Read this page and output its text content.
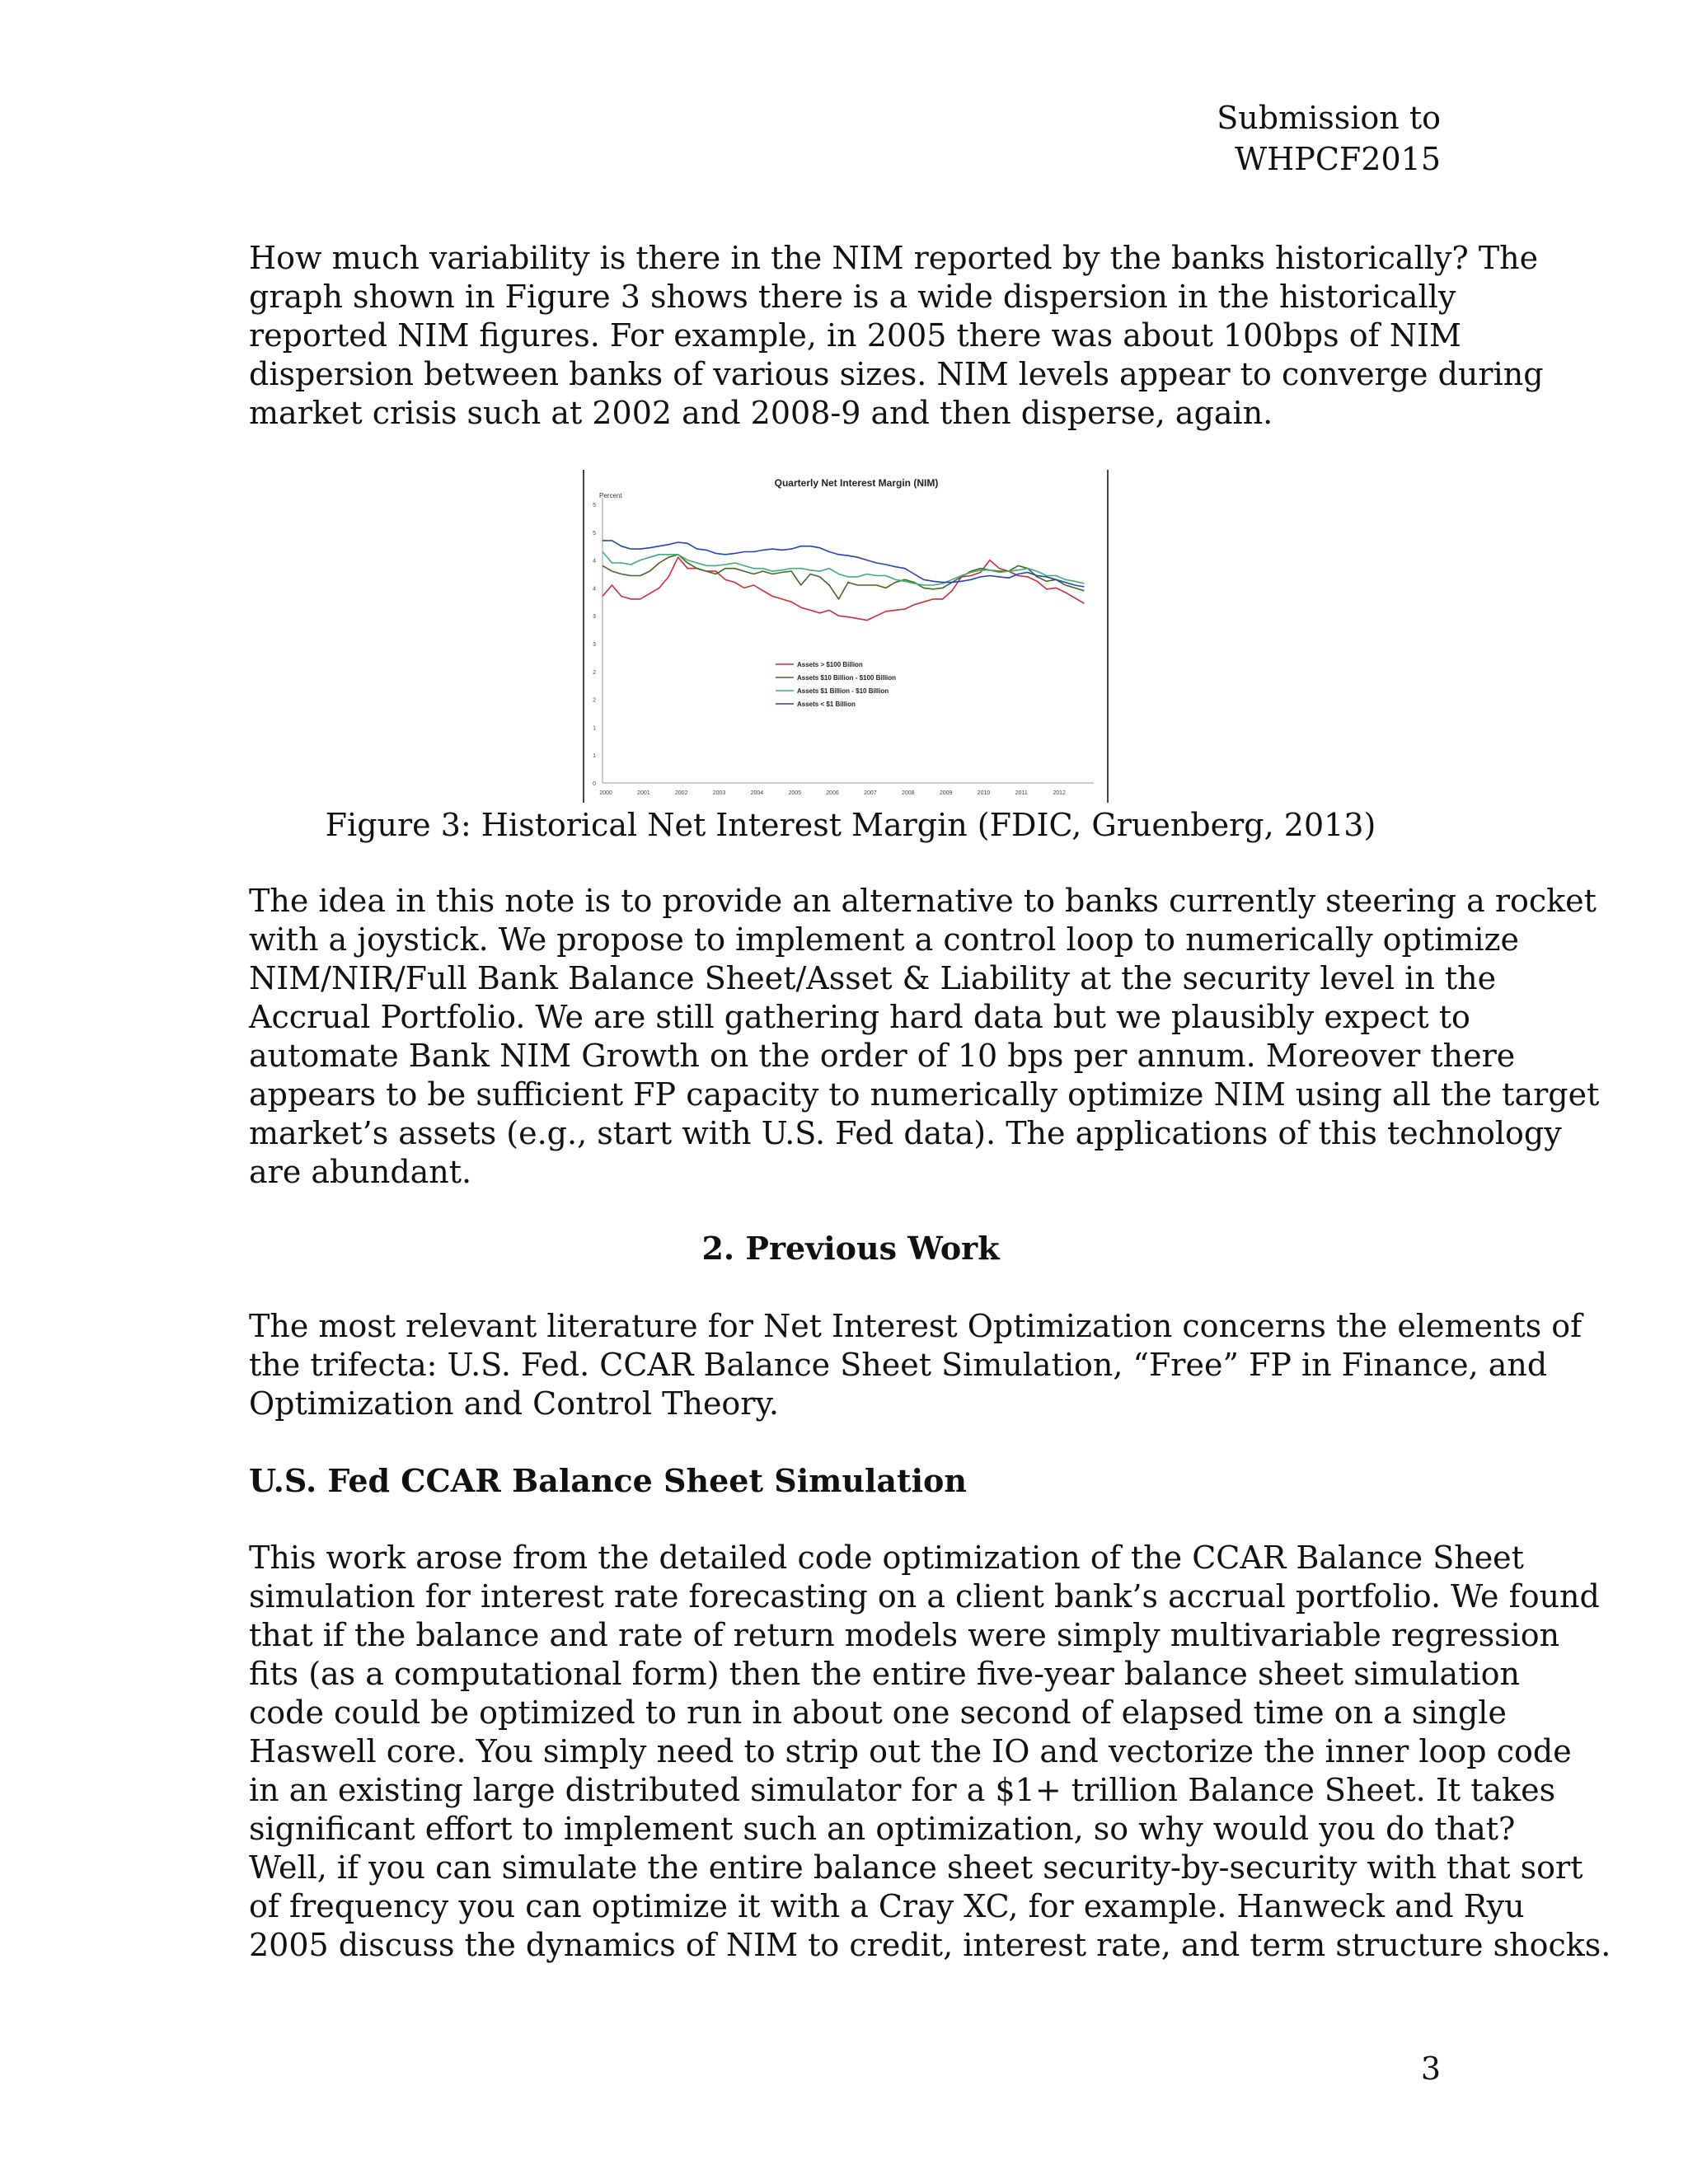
Submission to WHPCF2015
How much variability is there in the NIM reported by the banks historically? The
graph shown in Figure 3 shows there is a wide dispersion in the historically
reported NIM figures. For example, in 2005 there was about 100bps of NIM
dispersion between banks of various sizes. NIM levels appear to converge during
market crisis such at 2002 and 2008-9 and then disperse, again.
Quarterly Net Interest Margin (NIM)
Percent
0
1
1
2
2
3
3
4
4
5
5
2000	2001	2002	2003	2004	2005	2006	2007	2008	2009	2010	2011	2012
Assets > $100 Billion
Assets $10 Billion - $100 Billion
Assets $1 Billion - $10 Billion
Assets < $1 Billion
Figure 3: Historical Net Interest Margin (FDIC, Gruenberg, 2013)
The idea in this note is to provide an alternative to banks currently steering a rocket
with a joystick. We propose to implement a control loop to numerically optimize
NIM/NIR/Full Bank Balance Sheet/Asset & Liability at the security level in the
Accrual Portfolio. We are still gathering hard data but we plausibly expect to
automate Bank NIM Growth on the order of 10 bps per annum. Moreover there
appears to be sufficient FP capacity to numerically optimize NIM using all the target
market’s assets (e.g., start with U.S. Fed data). The applications of this technology
are abundant.
2. Previous Work
The most relevant literature for Net Interest Optimization concerns the elements of
the trifecta: U.S. Fed. CCAR Balance Sheet Simulation, “Free” FP in Finance, and
Optimization and Control Theory.
U.S. Fed CCAR Balance Sheet Simulation
This work arose from the detailed code optimization of the CCAR Balance Sheet
simulation for interest rate forecasting on a client bank’s accrual portfolio. We found
that if the balance and rate of return models were simply multivariable regression
fits (as a computational form) then the entire five-year balance sheet simulation
code could be optimized to run in about one second of elapsed time on a single
Haswell core. You simply need to strip out the IO and vectorize the inner loop code
in an existing large distributed simulator for a $1+ trillion Balance Sheet. It takes
significant effort to implement such an optimization, so why would you do that?
Well, if you can simulate the entire balance sheet security-by-security with that sort
of frequency you can optimize it with a Cray XC, for example. Hanweck and Ryu
2005 discuss the dynamics of NIM to credit, interest rate, and term structure shocks.
3
